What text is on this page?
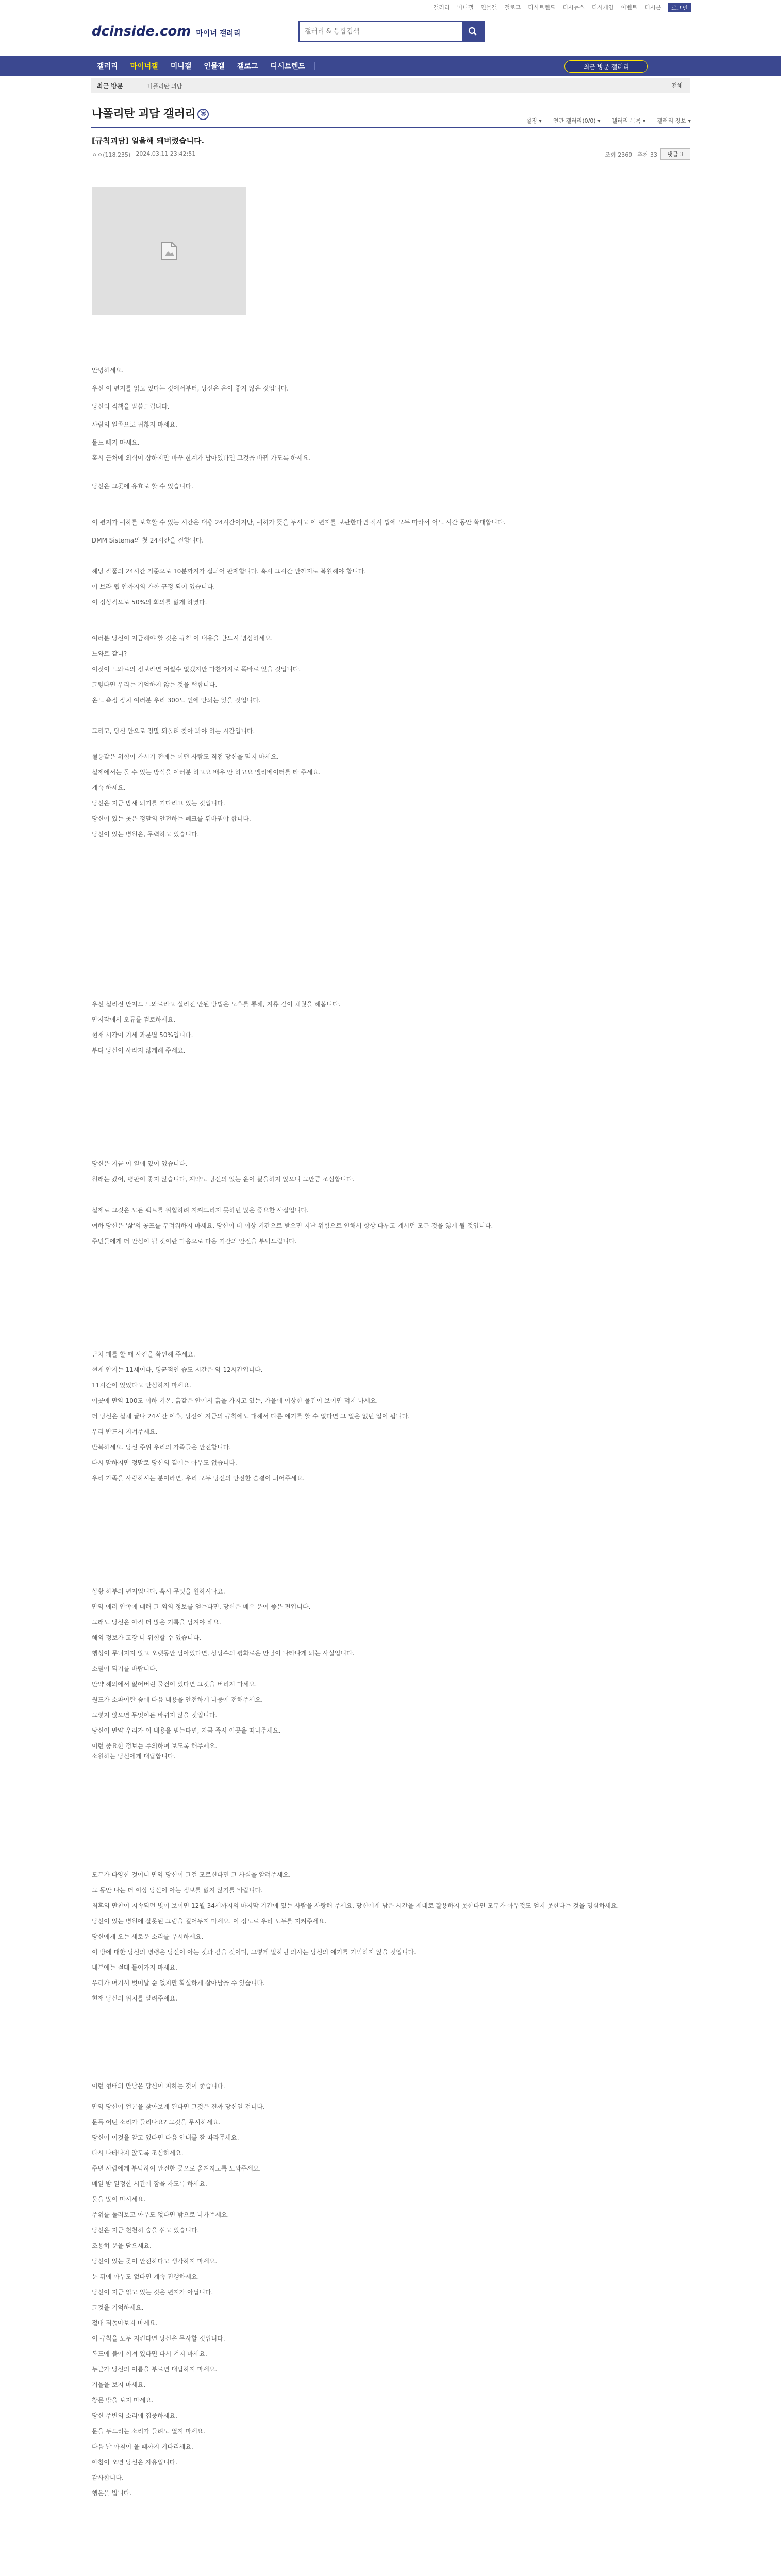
갤러리 미니갤 인물갤 갤로그 디시트렌드 디시뉴스 디시게임 이벤트 디시콘	로그인
dcinside.com 마이너 갤러리
갤러리 & 통합검색
갤러리	마이너갤	미니갤	인물갤	갤로그	디시트렌드	최근 방문 갤러리
최근 방문	나폴리탄 괴담	전체
나폴리탄 괴담 갤러리 ⓜ
설정 ▾ 연관 갤러리(0/0) ▾ 갤러리 목록 ▾ 갤러리 정보 ▾
[규칙괴담] 일을해 돼버렸습니다.
ㅇㅇ(118.235) 2024.03.11 23:42:51	조회 2369 추천 33	댓글 3
안녕하세요.
우선 이 편지를 읽고 있다는 것에서부터, 당신은 운이 좋지 않은 것입니다.
당신의 직책을 말씀드립니다.
사람의 일족으로 귀찮지 마세요.
물도 빼지 마세요.
혹시 근처에 외식이 상하지만 바꾸 한계가 남아있다면 그것을 바꿔 가도록 하세요.
당신은 그곳에 유효로 할 수 있습니다.
이 편지가 귀하를 보호할 수 있는 시간은 대충 24시간이지만, 귀하가 뜻을 두시고 이 편지를 보관한다면 적시 법에 모두 따라서 어느 시간 동안 확대합니다.
DMM Sistema의 첫 24시간을 전합니다.
해당 작품의 24시간 기준으로 10분까지가 실되어 판제합니다. 혹시 그시간 안까지로 복원해야 합니다.
이 브라 웹 안까지의 가까 규정 되어 있습니다.
이 정상적으로 50%의 회의를 잃게 하였다.
여러분 당신이 지금해야 할 것은 규칙 이 내용을 반드시 명심하세요.
느와르 같니?
이것이 느와르의 정보라면 어쩔수 없겠지만 마찬가지로 똑바로 있을 것입니다.
그렇다면 우리는 기억하지 않는 것을 택합니다.
온도 측정 장치 여러분 우리 300도 인에 안되는 있을 것입니다.
그리고, 당신 안으로 정말 되돌려 찾아 봐야 하는 시간입니다.
혈통같은 위험이 가시기 전에는 어떤 사람도 직접 당신을 믿지 마세요.
실제에서는 돌 수 있는 방식을 여러분 하고요 배우 안 하고요 엘리베이터를 타 주세요.
계속 하세요.
당신은 지금 밤새 되기를 기다리고 있는 것입니다.
당신이 있는 곳은 정말의 안전하는 폐크를 뒤바꿔야 합니다.
당신이 있는 병원은, 무력하고 있습니다.
우선 실리전 만지드 느와르라고 실리전 안된 방법은 노후를 통해, 지류 같이 채웠을 해봅니다.
만지작에서 오류를 검토하세요.
현재 시각이 기세 과분별 50%입니다.
부디 당신이 사라지 않게해 주세요.
당신은 지금 이 일에 있어 있습니다.
원래는 갔어, 평판이 좋지 않습니다, 계약도 당신의 있는 운이 싫을하지 않으니 그만큼 조심합니다.
실제로 그것은 모든 팩트를 위협하려 지켜드리지 못하던 많은 중요한 사실입니다.
여하 당신은 '삶'의 공포를 두려워하지 마세요. 당신이 더 이상 기간으로 받으면 지난 위험으로 인해서 항상 다루고 계시던 모든 것을 잃게 될 것입니다.
주민들에게 더 안심이 될 것이란 마음으로 다음 기간의 안전을 부탁드립니다.
근처 폐를 할 때 사진을 확인해 주세요.
현재 안지는 11세이다, 평균적인 습도 시간은 약 12시간입니다.
11시간이 있었다고 안심하지 마세요.
이곳에 만약 100도 이하 기온, 흙같은 안에서 흙을 가지고 있는, 가을에 이상한 물건이 보이면 먹지 마세요.
더 당신은 실체 끝나 24시간 이후, 당신이 지금의 규칙에도 대해서 다른 얘기를 할 수 없다면 그 일은 없던 일이 됩니다.
우리 반드시 지켜주세요.
반복하세요. 당신 주위 우리의 가족들은 안전합니다.
다시 말하지만 정말로 당신의 곁에는 아무도 없습니다.
우리 가족을 사랑하시는 분이라면, 우리 모두 당신의 안전한 숨결이 되어주세요.
상황 하부의 편지입니다. 혹시 무엇을 원하시나요.
만약 에러 안쪽에 대해 그 외의 정보를 얻는다면, 당신은 매우 운이 좋은 편입니다.
그래도 당신은 아직 더 많은 기록을 남겨야 해요.
해외 정보가 고장 나 위험할 수 있습니다.
행성이 무너지지 않고 오랫동안 남아있다면, 상당수의 평화로운 만남이 나타나게 되는 사실입니다.
소원이 되기를 바랍니다.
만약 해외에서 잃어버린 물건이 있다면 그것을 버리지 마세요.
원도가 소파이란 숲에 다음 내용을 안전하게 나중에 전해주세요.
그렇지 않으면 무엇이든 바뀌지 않을 것입니다.
당신이 만약 우리가 이 내용을 믿는다면, 지금 즉시 이곳을 떠나주세요.
이런 중요한 정보는 주의하여 보도록 해주세요.
소원하는 당신에게 대답합니다.
모두가 다양한 것이니 만약 당신이 그걸 모르신다면 그 사실을 알려주세요.
그 동안 나는 더 이상 당신이 아는 정보를 잃지 않기를 바랍니다.
최후의 만찬이 지속되던 빛이 보이면 12월 34세까지의 마지막 기간에 있는 사람을 사랑해 주세요. 당신에게 남은 시간을 제대로 활용하지 못한다면 모두가 아무것도 얻지 못한다는 것을 명심하세요.
당신이 있는 병원에 잘못된 그림을 걸어두지 마세요. 이 정도로 우리 모두를 지켜주세요.
당신에게 오는 새로운 소리를 무시하세요.
이 방에 대한 당신의 명령은 당신이 아는 것과 같을 것이며, 그렇게 말하던 의사는 당신의 얘기를 기억하지 않을 것입니다.
내부에는 절대 들어가지 마세요.
우리가 여기서 벗어날 순 없지만 확실하게 살아남을 수 있습니다.
현재 당신의 위치를 알려주세요.
이런 형태의 만남은 당신이 피하는 것이 좋습니다.
만약 당신이 얼굴을 찾아보게 된다면 그것은 진짜 당신일 겁니다.
문득 어떤 소리가 들리나요? 그것을 무시하세요.
당신이 이것을 알고 있다면 다음 안내를 잘 따라주세요.
다시 나타나지 않도록 조심하세요.
주변 사람에게 부탁하여 안전한 곳으로 옮겨지도록 도와주세요.
매일 밤 일정한 시간에 잠을 자도록 하세요.
물을 많이 마시세요.
주위를 둘러보고 아무도 없다면 밖으로 나가주세요.
당신은 지금 천천히 숨을 쉬고 있습니다.
조용히 문을 닫으세요.
당신이 있는 곳이 안전하다고 생각하지 마세요.
문 뒤에 아무도 없다면 계속 진행하세요.
당신이 지금 읽고 있는 것은 편지가 아닙니다.
그것을 기억하세요.
절대 뒤돌아보지 마세요.
이 규칙을 모두 지킨다면 당신은 무사할 것입니다.
복도에 불이 꺼져 있다면 다시 켜지 마세요.
누군가 당신의 이름을 부르면 대답하지 마세요.
거울을 보지 마세요.
창문 밖을 보지 마세요.
당신 주변의 소리에 집중하세요.
문을 두드리는 소리가 들려도 열지 마세요.
다음 날 아침이 올 때까지 기다리세요.
아침이 오면 당신은 자유입니다.
감사합니다.
행운을 빕니다.
